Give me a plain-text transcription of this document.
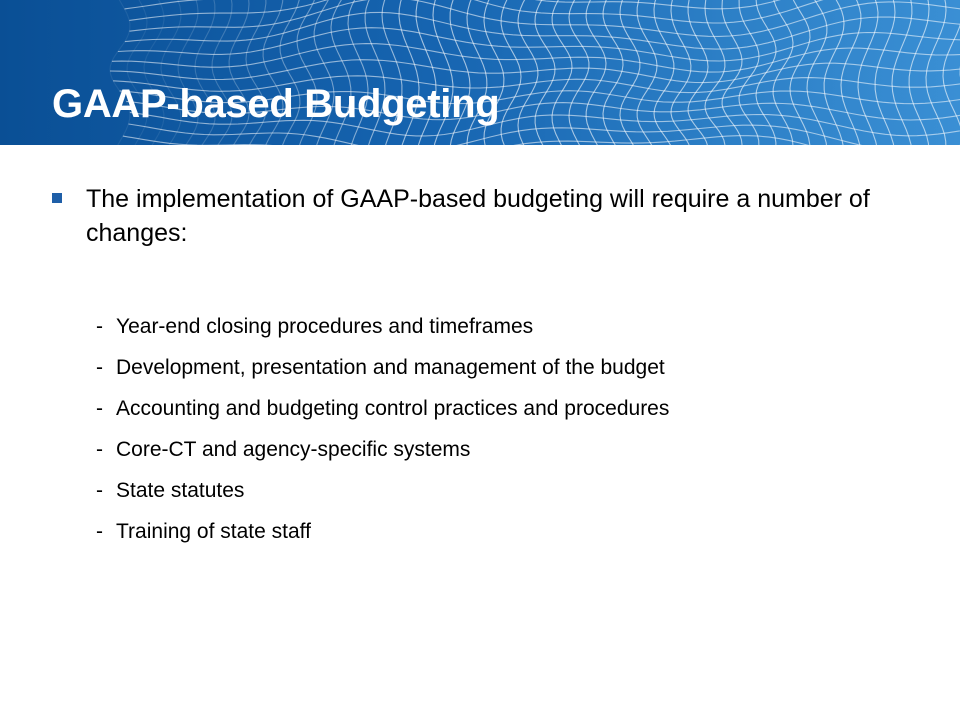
GAAP-based Budgeting

The implementation of GAAP-based budgeting will require a number of changes:

- Year-end closing procedures and timeframes
- Development, presentation and management of the budget
- Accounting and budgeting control practices and procedures
- Core-CT and agency-specific systems
- State statutes
- Training of state staff
